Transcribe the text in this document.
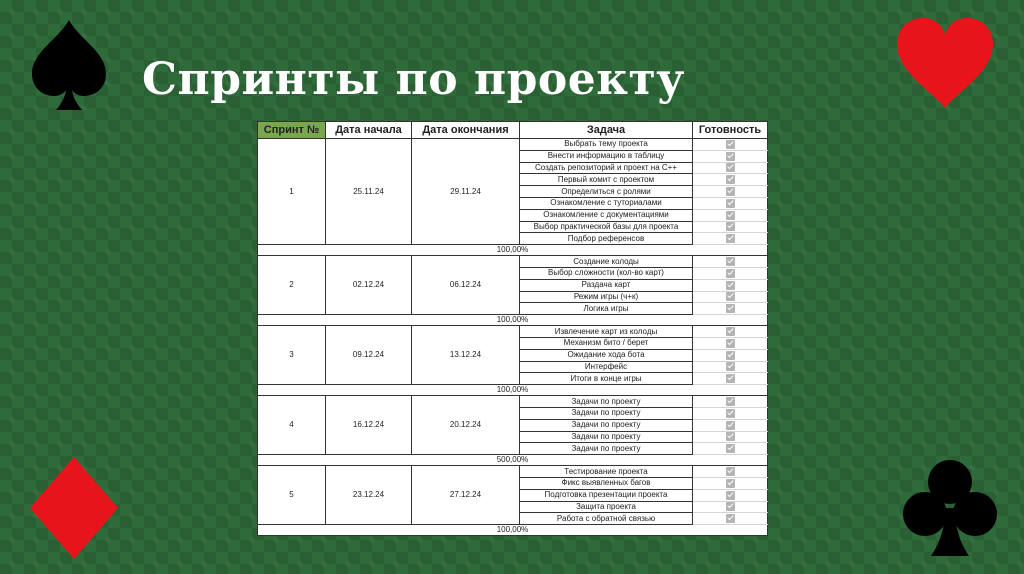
Спринты по проекту
Спринт №	Дата начала	Дата окончания	Задача	Готовность
1	25.11.24	29.11.24	Выбрать тему проекта	
			Внести информацию в таблицу	
			Создать репозиторий и проект на С++	
			Первый комит с проектом	
			Определиться с ролями	
			Ознакомление с туториалами	
			Ознакомление с документациями	
			Выбор практической базы для проекта	
			Подбор референсов	
100,00%				
2	02.12.24	06.12.24	Создание колоды	
			Выбор сложности (кол-во карт)	
			Раздача карт	
			Режим игры (ч+к)	
			Логика игры	
100,00%				
3	09.12.24	13.12.24	Извлечение карт из колоды	
			Механизм бито / берет	
			Ожидание хода бота	
			Интерфейс	
			Итоги в конце игры	
100,00%				
4	16.12.24	20.12.24	Задачи по проекту	
			Задачи по проекту	
			Задачи по проекту	
			Задачи по проекту	
			Задачи по проекту	
500,00%				
5	23.12.24	27.12.24	Тестирование проекта	
			Фикс выявленных багов	
			Подготовка презентации проекта	
			Защита проекта	
			Работа с обратной связью	
100,00%				
